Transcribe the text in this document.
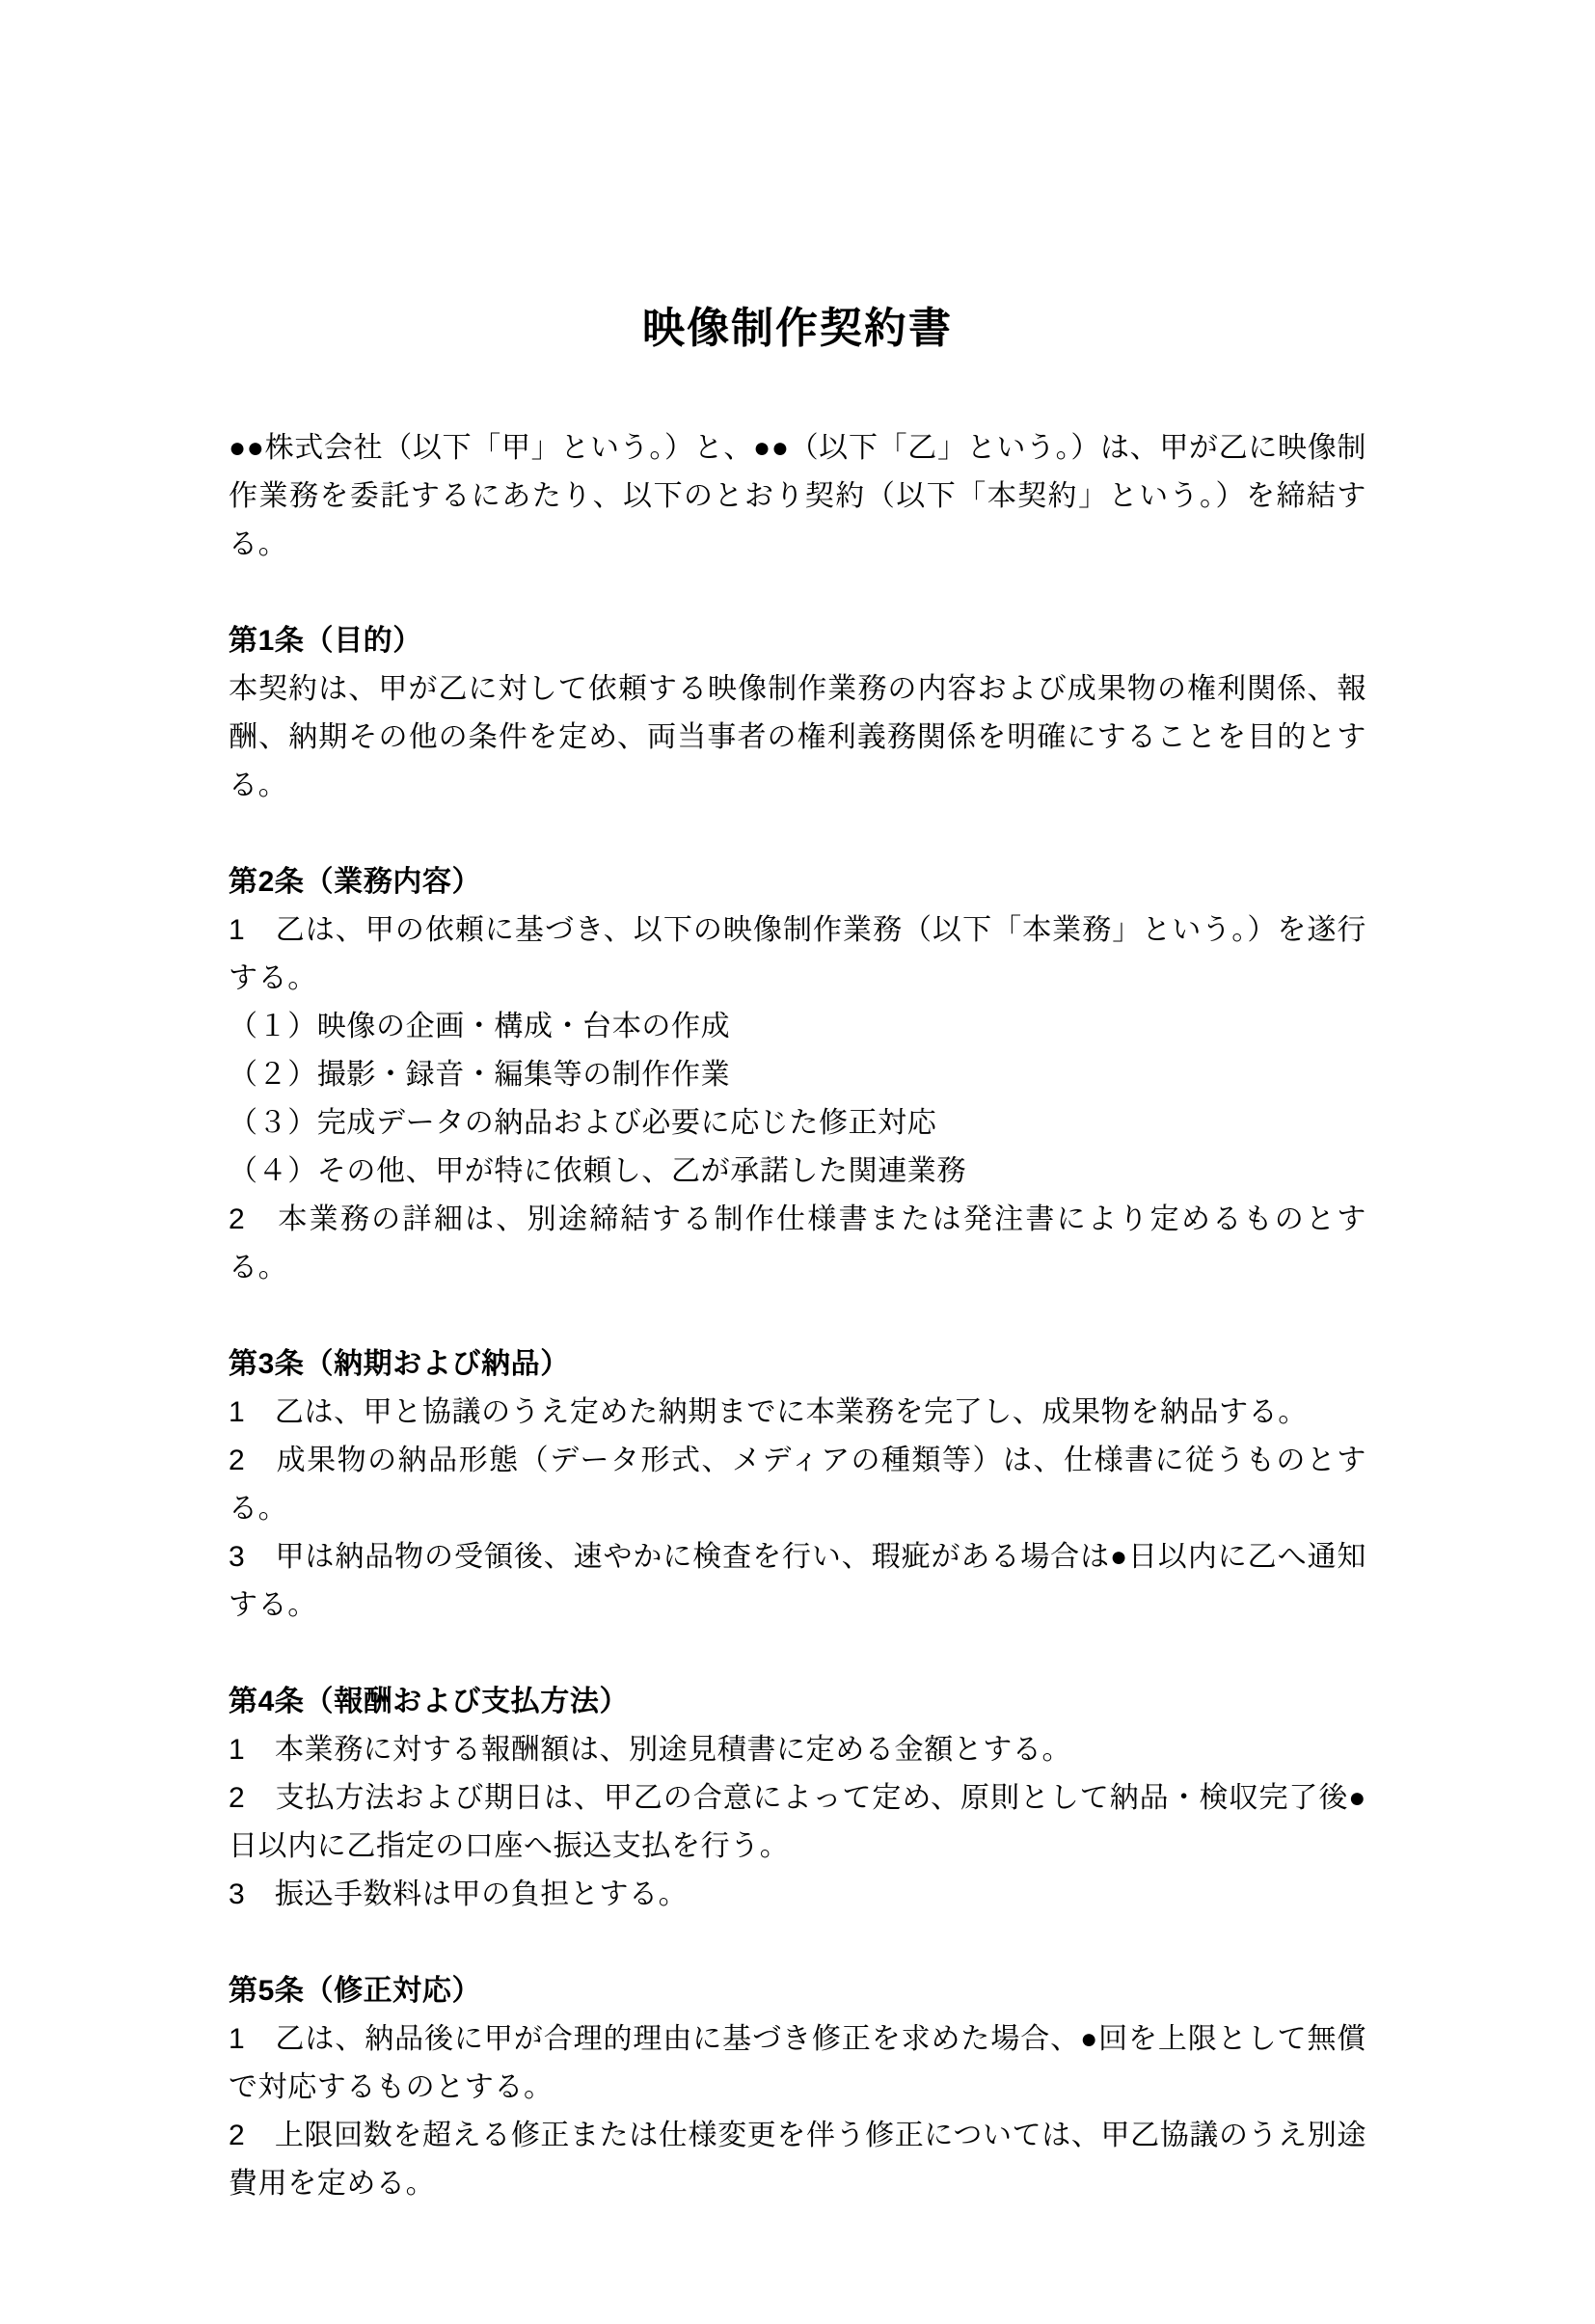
映像制作契約書

●●株式会社（以下「甲」という。）と、●●（以下「乙」という。）は、甲が乙に映像制作業務を委託するにあたり、以下のとおり契約（以下「本契約」という。）を締結する。

第1条（目的）

本契約は、甲が乙に対して依頼する映像制作業務の内容および成果物の権利関係、報酬、納期その他の条件を定め、両当事者の権利義務関係を明確にすることを目的とする。

第2条（業務内容）

1　乙は、甲の依頼に基づき、以下の映像制作業務（以下「本業務」という。）を遂行する。

（１）映像の企画・構成・台本の作成

（２）撮影・録音・編集等の制作作業

（３）完成データの納品および必要に応じた修正対応

（４）その他、甲が特に依頼し、乙が承諾した関連業務

2　本業務の詳細は、別途締結する制作仕様書または発注書により定めるものとする。

第3条（納期および納品）

1　乙は、甲と協議のうえ定めた納期までに本業務を完了し、成果物を納品する。

2　成果物の納品形態（データ形式、メディアの種類等）は、仕様書に従うものとする。

3　甲は納品物の受領後、速やかに検査を行い、瑕疵がある場合は●日以内に乙へ通知する。

第4条（報酬および支払方法）

1　本業務に対する報酬額は、別途見積書に定める金額とする。

2　支払方法および期日は、甲乙の合意によって定め、原則として納品・検収完了後●日以内に乙指定の口座へ振込支払を行う。

3　振込手数料は甲の負担とする。

第5条（修正対応）

1　乙は、納品後に甲が合理的理由に基づき修正を求めた場合、●回を上限として無償で対応するものとする。

2　上限回数を超える修正または仕様変更を伴う修正については、甲乙協議のうえ別途費用を定める。
